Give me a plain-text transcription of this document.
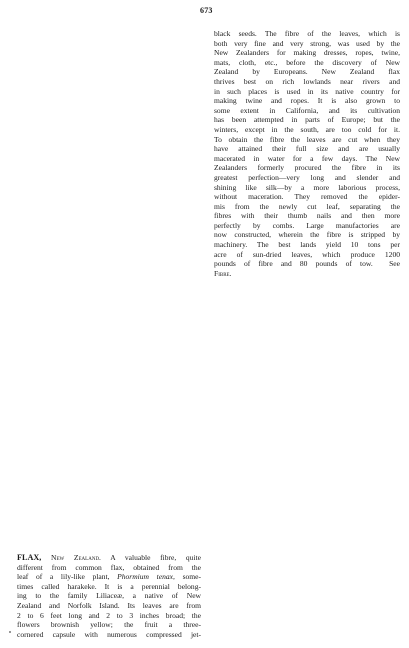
673
black seeds. The fibre of the leaves, which is
both very fine and very strong, was used by the
New Zealanders for making dresses, ropes, twine,
mats, cloth, etc., before the discovery of New
Zealand by Europeans. New Zealand flax
thrives best on rich lowlands near rivers and
in such places is used in its native country for
making twine and ropes. It is also grown to
some extent in California, and its cultivation
has been attempted in parts of Europe; but the
winters, except in the south, are too cold for it.
To obtain the fibre the leaves are cut when they
have attained their full size and are usually
macerated in water for a few days. The New
Zealanders formerly procured the fibre in its
greatest perfection—very long and slender and
shining like silk—by a more laborious process,
without maceration. They removed the epider-
mis from the newly cut leaf, separating the
fibres with their thumb nails and then more
perfectly by combs. Large manufactories are
now constructed, wherein the fibre is stripped by
machinery. The best lands yield 10 tons per
acre of sun-dried leaves, which produce 1200
pounds of fibre and 80 pounds of tow. See
Fibre.
FLAX, New Zealand. A valuable fibre, quite
different from common flax, obtained from the
leaf of a lily-like plant, Phormium tenax, some-
times called harakeke. It is a perennial belong-
ing to the family Liliaceæ, a native of New
Zealand and Norfolk Island. Its leaves are from
2 to 6 feet long and 2 to 3 inches broad; the
flowers brownish yellow; the fruit a three-
cornered capsule with numerous compressed jet-
